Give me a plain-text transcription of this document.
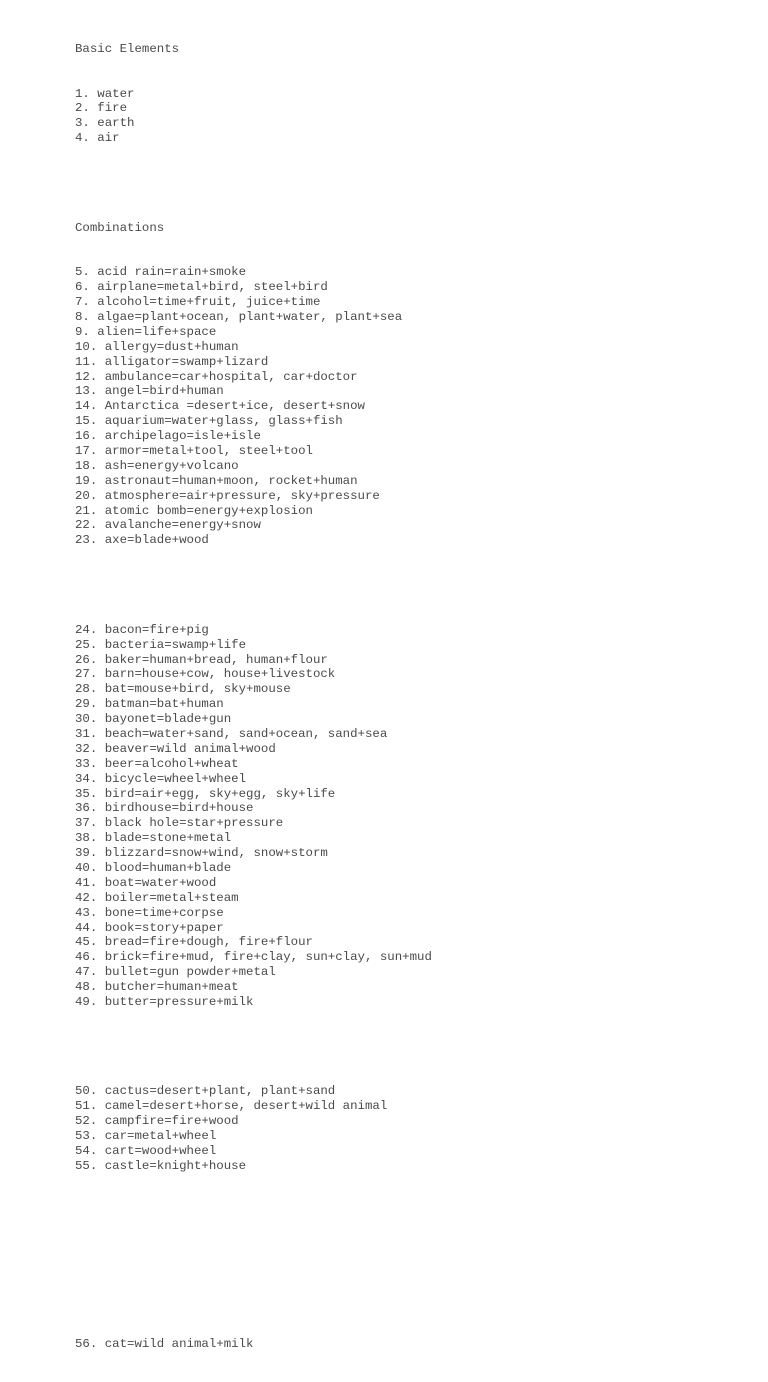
Basic Elements

1. water
2. fire
3. earth
4. air

Combinations

5. acid rain=rain+smoke
6. airplane=metal+bird, steel+bird
7. alcohol=time+fruit, juice+time
8. algae=plant+ocean, plant+water, plant+sea
9. alien=life+space
10. allergy=dust+human
11. alligator=swamp+lizard
12. ambulance=car+hospital, car+doctor
13. angel=bird+human
14. Antarctica =desert+ice, desert+snow
15. aquarium=water+glass, glass+fish
16. archipelago=isle+isle
17. armor=metal+tool, steel+tool
18. ash=energy+volcano
19. astronaut=human+moon, rocket+human
20. atmosphere=air+pressure, sky+pressure
21. atomic bomb=energy+explosion
22. avalanche=energy+snow
23. axe=blade+wood

24. bacon=fire+pig
25. bacteria=swamp+life
26. baker=human+bread, human+flour
27. barn=house+cow, house+livestock
28. bat=mouse+bird, sky+mouse
29. batman=bat+human
30. bayonet=blade+gun
31. beach=water+sand, sand+ocean, sand+sea
32. beaver=wild animal+wood
33. beer=alcohol+wheat
34. bicycle=wheel+wheel
35. bird=air+egg, sky+egg, sky+life
36. birdhouse=bird+house
37. black hole=star+pressure
38. blade=stone+metal
39. blizzard=snow+wind, snow+storm
40. blood=human+blade
41. boat=water+wood
42. boiler=metal+steam
43. bone=time+corpse
44. book=story+paper
45. bread=fire+dough, fire+flour
46. brick=fire+mud, fire+clay, sun+clay, sun+mud
47. bullet=gun powder+metal
48. butcher=human+meat
49. butter=pressure+milk

50. cactus=desert+plant, plant+sand
51. camel=desert+horse, desert+wild animal
52. campfire=fire+wood
53. car=metal+wheel
54. cart=wood+wheel
55. castle=knight+house

56. cat=wild animal+milk
